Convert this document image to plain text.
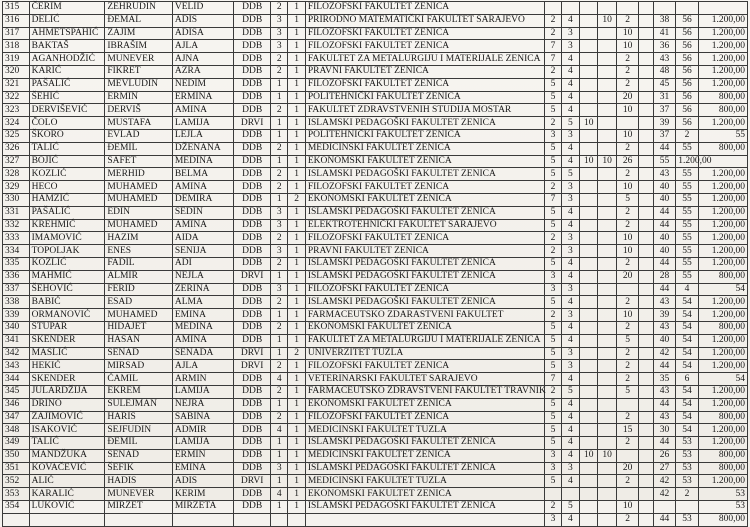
315	ČERIM	ZEHRUDIN	VELID	DDB	2	1	FILOZOFSKI FAKULTET ZENICA									
316	DELIĆ	ĐEMAL	ADIS	DDB	3	1	PRIRODNO MATEMATIČKI FAKULTET SARAJEVO	2	4		10	2		38	56	1.200,00
317	AHMETSPAHIĆ	ZAJIM	ADISA	DDB	3	1	FILOZOFSKI FAKULTET ZENICA	2	3			10		41	56	1.200,00
318	BAKTAŠ	IBRAŠIM	AJLA	DDB	3	1	FILOZOFSKI FAKULTET ZENICA	7	3			10		36	56	1.200,00
319	AGANHODŽIĆ	MUNEVER	AJNA	DDB	2	1	FAKULTET ZA METALURGIJU I MATERIJALE ZENICA	7	4			2		43	56	1.200,00
320	KARIĆ	FIKRET	AZRA	DDB	2	1	PRAVNI FAKULTET ZENICA	2	4			2		48	56	1.200,00
321	PAŠALIĆ	MEVLUDIN	NEDIM	DDB	1	1	FILOZOFSKI FAKULTET ZENICA	5	4			2		45	56	1.200,00
322	ŠEHIĆ	ERMIN	ERMINA	DDB	1	1	POLITEHNIČKI FAKULTET ZENICA	5	4			20		31	56	800,00
323	DERVIŠEVIĆ	DERVIŠ	AMINA	DDB	2	1	FAKULTET ZDRAVSTVENIH STUDIJA MOSTAR	5	4			10		37	56	800,00
324	ČOLO	MUSTAFA	LAMIJA	DRVI	1	1	ISLAMSKI PEDAGOŠKI FAKULTET ZENICA	2	5	10				39	56	1.200,00
325	ŠKORO	EVLAD	LEJLA	DDB	1	1	POLITEHNIČKI FAKULTET ZENICA	3	3			10		37	2	55
326	TALIĆ	ĐEMIL	DŽENANA	DDB	2	1	MEDICINSKI FAKULTET ZENICA	5	4			2		44	55	800,00
327	BOJIĆ	SAFET	MEDINA	DDB	1	1	EKONOMSKI FAKULTET ZENICA	5	4	10	10	26		55	1.200,00	
328	KOZLIĆ	MERHID	BELMA	DDB	2	1	ISLAMSKI PEDAGOŠKI FAKULTET ZENICA	5	5			2		43	55	1.200,00
329	HECO	MUHAMED	AMINA	DDB	2	1	FILOZOFSKI FAKULTET ZENICA	2	3			10		40	55	1.200,00
330	HAMZIĆ	MUHAMED	DEMIRA	DDB	1	2	EKONOMSKI FAKULTET ZENICA	7	3			5		40	55	1.200,00
331	PAŠALIĆ	EDIN	SEDIN	DDB	3	1	ISLAMSKI PEDAGOŠKI FAKULTET ZENICA	5	4			2		44	55	1.200,00
332	KREHMIĆ	MUHAMED	AMINA	DDB	3	1	ELEKTROTEHNIČKI FAKULTET SARAJEVO	5	4			2		44	55	1.200,00
333	IMAMOVIĆ	HAZIM	AIDA	DDB	2	1	FILOZOFSKI FAKULTET ZENICA	2	3			10		40	55	1.200,00
334	TOPOLJAK	ENES	SENIJA	DDB	3	1	PRAVNI FAKULTET ZENICA	2	3			10		40	55	1.200,00
335	KOZLIĆ	FADIL	ADI	DDB	2	1	ISLAMSKI PEDAGOŠKI FAKULTET ZENICA	5	4			2		44	55	1.200,00
336	MAHMIĆ	ALMIR	NEJLA	DRVI	1	1	ISLAMSKI PEDAGOŠKI FAKULTET ZENICA	3	4			20		28	55	800,00
337	ŠEHOVIĆ	FERID	ZERINA	DDB	3	1	FILOZOFSKI FAKULTET ZENICA	3	3					44	4	54
338	BABIĆ	ESAD	ALMA	DDB	2	1	ISLAMSKI PEDAGOŠKI FAKULTET ZENICA	5	4			2		43	54	1.200,00
339	ORMANOVIĆ	MUHAMED	EMINA	DDB	1	1	FARMACEUTSKO ZDARASTVENI FAKULTET	2	3			10		39	54	1.200,00
340	STUPAR	HIDAJET	MEDINA	DDB	2	1	EKONOMSKI FAKULTET ZENICA	5	4			2		43	54	800,00
341	SKENDER	HASAN	AMINA	DDB	1	1	FAKULTET ZA METALURGIJU I MATERIJALE ZENICA	5	4			5		40	54	1.200,00
342	MASLIĆ	SENAD	SENADA	DRVI	1	2	UNIVERZITET TUZLA	5	3			2		42	54	1.200,00
343	HEKIĆ	MIRSAD	AJLA	DRVI	2	1	FILOZOFSKI FAKULTET ZENICA	5	3			2		44	54	1.200,00
344	SKENDER	ĆAMIL	ARMIN	DDB	4	1	VETERINARSKI FAKULTET SARAJEVO	7	4			2		35	6	54
345	JULARDŽIJA	EKREM	LAMIJA	DDB	2	1	FARMACEUTSKO ZDRAVSTVENI FAKULTET TRAVNIK	2	5			5		43	54	1.200,00
346	DRINO	SULEJMAN	NEJRA	DDB	1	1	EKONOMSKI FAKULTET ZENICA	5	4					44	54	1.200,00
347	ZAJIMOVIĆ	HARIS	SABINA	DDB	2	1	FILOZOFSKI FAKULTET ZENICA	5	4			2		43	54	800,00
348	ISAKOVIĆ	SEJFUDIN	ADMIR	DDB	4	1	MEDICINSKI FAKULTET TUZLA	5	4			15		30	54	1.200,00
349	TALIĆ	ĐEMIL	LAMIJA	DDB	1	1	ISLAMSKI PEDAGOŠKI FAKULTET ZENICA	5	4			2		44	53	1.200,00
350	MANDŽUKA	SENAD	ERMIN	DDB	1	1	MEDICINSKI FAKULTET ZENICA	3	4	10	10			26	53	800,00
351	KOVAČEVIĆ	ŠEFIK	EMINA	DDB	3	1	ISLAMSKI PEDAGOŠKI FAKULTET ZENICA	3	3			20		27	53	800,00
352	ALIĆ	HADIS	ADIS	DRVI	1	1	MEDICINSKI FAKULTET TUZLA	5	4			2		42	53	1.200,00
353	KARALIĆ	MUNEVER	KERIM	DDB	4	1	EKONOMSKI FAKULTET ZENICA							42	2	53
354	LUKOVIĆ	MIRZET	MIRZETA	DDB	1	1	ISLAMSKI PEDAGOŠKI FAKULTET ZENICA	2	5			10				53
								3	4			2		44	53	800,00
